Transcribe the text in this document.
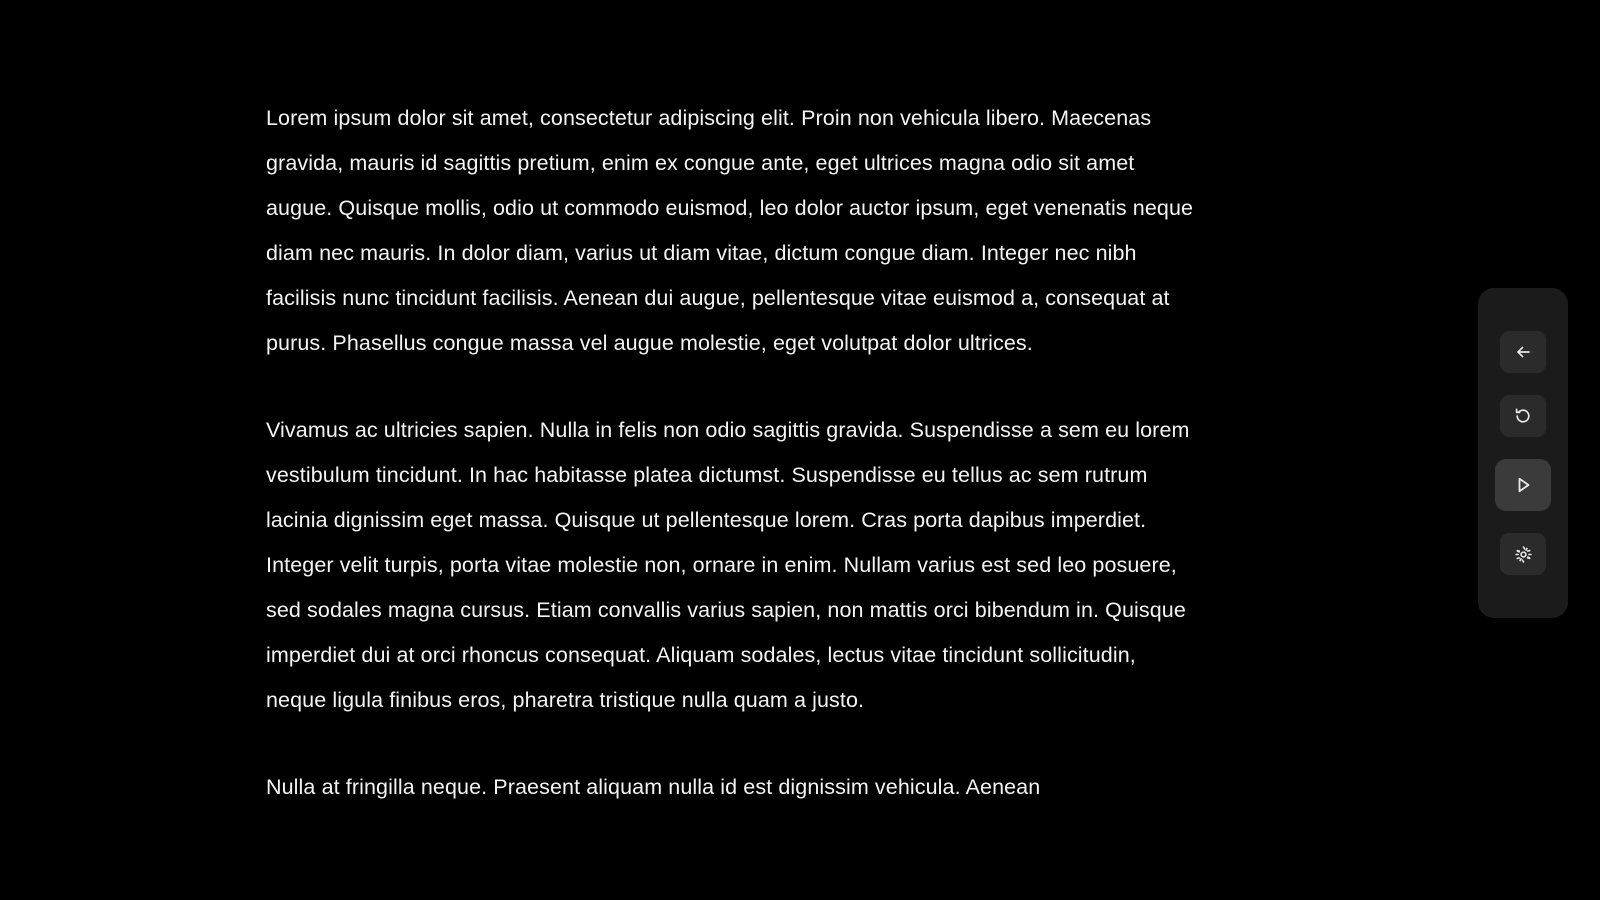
Lorem ipsum dolor sit amet, consectetur adipiscing elit. Proin non vehicula libero. Maecenas gravida, mauris id sagittis pretium, enim ex congue ante, eget ultrices magna odio sit amet augue. Quisque mollis, odio ut commodo euismod, leo dolor auctor ipsum, eget venenatis neque diam nec mauris. In dolor diam, varius ut diam vitae, dictum congue diam. Integer nec nibh facilisis nunc tincidunt facilisis. Aenean dui augue, pellentesque vitae euismod a, consequat at purus. Phasellus congue massa vel augue molestie, eget volutpat dolor ultrices.

Vivamus ac ultricies sapien. Nulla in felis non odio sagittis gravida. Suspendisse a sem eu lorem vestibulum tincidunt. In hac habitasse platea dictumst. Suspendisse eu tellus ac sem rutrum lacinia dignissim eget massa. Quisque ut pellentesque lorem. Cras porta dapibus imperdiet. Integer velit turpis, porta vitae molestie non, ornare in enim. Nullam varius est sed leo posuere, sed sodales magna cursus. Etiam convallis varius sapien, non mattis orci bibendum in. Quisque imperdiet dui at orci rhoncus consequat. Aliquam sodales, lectus vitae tincidunt sollicitudin, neque ligula finibus eros, pharetra tristique nulla quam a justo.

Nulla at fringilla neque. Praesent aliquam nulla id est dignissim vehicula. Aenean
